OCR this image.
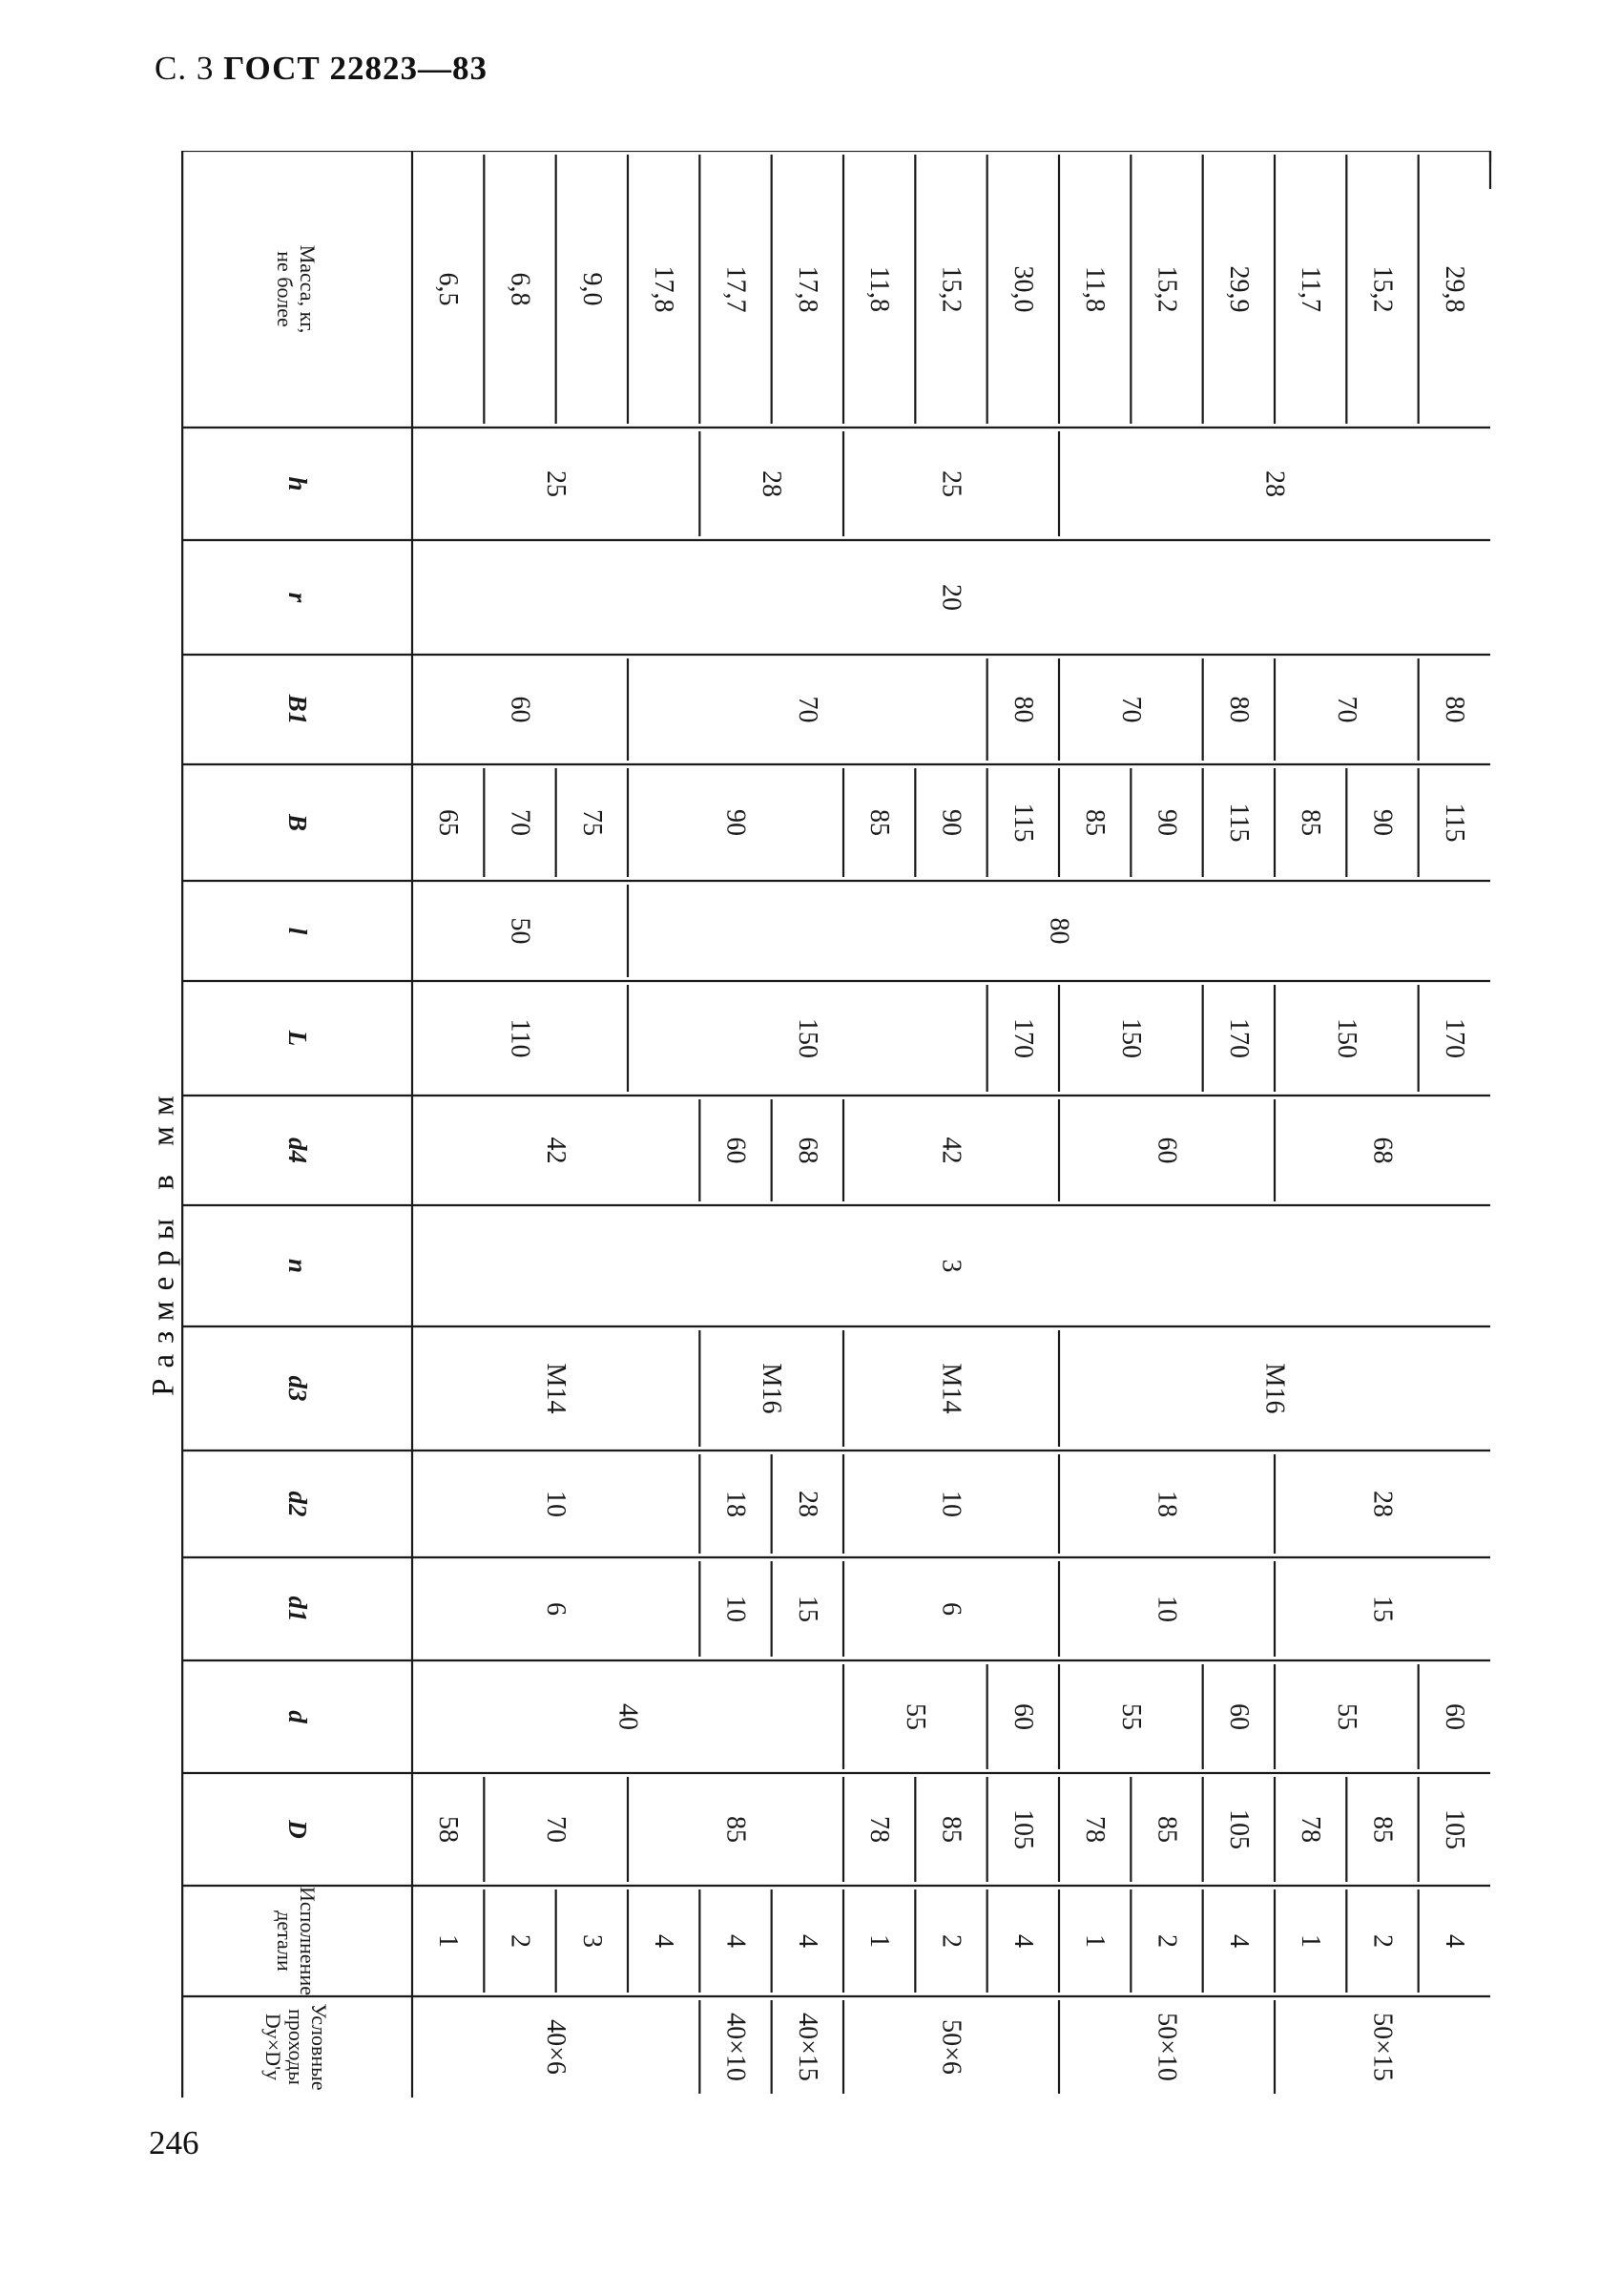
С. 3 ГОСТ 22823—83
Размеры в мм
УсловныепроходыDу×D'у	40×6	40×10 40×15	50×6	50×10	50×15
Исполнениедетали	1 2 3 4 4 4 1 2 4 1 2 4 1 2 4
D	58	70	85	78 85 105 78 85 105 78 85 105
d	40	55	60	55	60	55	60
d1	6	10 15	6	10	15
d2	10	18 28	10	18	28
d3	M14	M16	M14	M16
n	3
d4	42	60 68	42	60	68
L	110	150	170	150	170	150	170
l	50	80
B	65 70 75	90	85 90 115 85 90 115 85 90 115
B1	60	70	80	70	80	70	80
r	20
h	25	28	25	28
Масса, кг,не более	6,5 6,8 9,0 17,8 17,7 17,8 11,8 15,2 30,0 11,8 15,2 29,9 11,7 15,2 29,8
246
